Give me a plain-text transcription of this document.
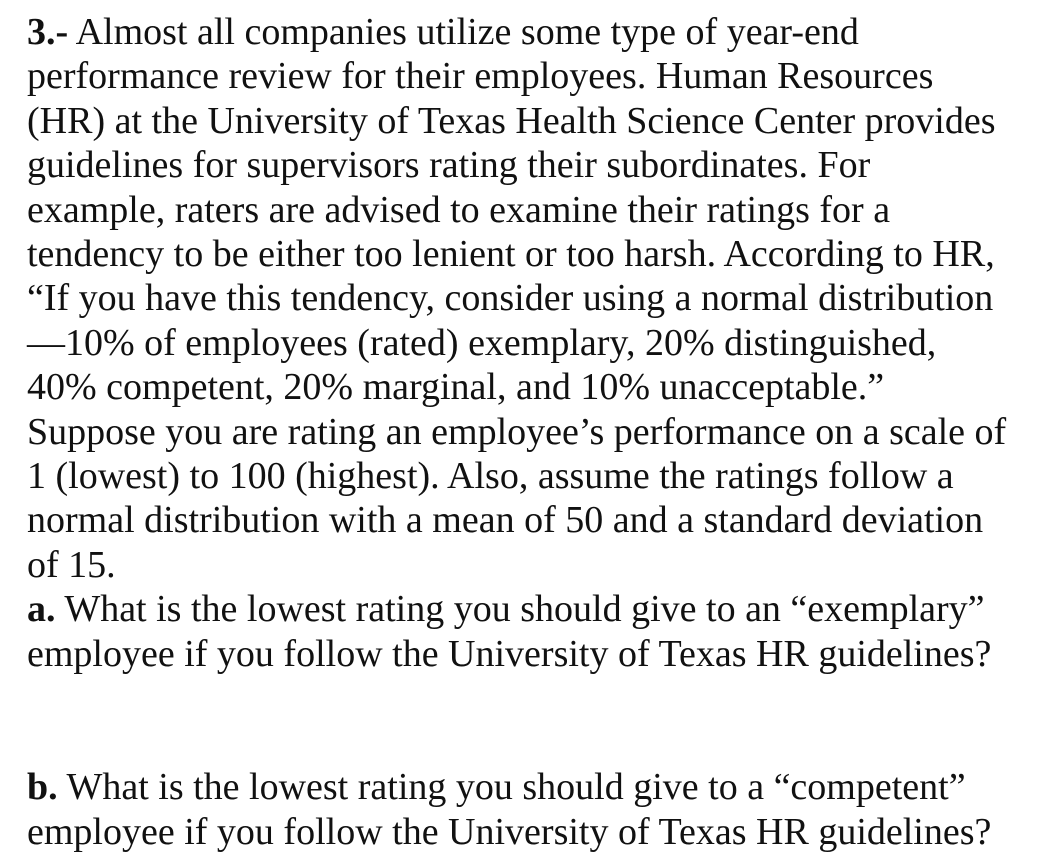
3.- Almost all companies utilize some type of year-end

performance review for their employees. Human Resources

(HR) at the University of Texas Health Science Center provides

guidelines for supervisors rating their subordinates. For

example, raters are advised to examine their ratings for a

tendency to be either too lenient or too harsh. According to HR,

“If you have this tendency, consider using a normal distribution

—10% of employees (rated) exemplary, 20% distinguished,

40% competent, 20% marginal, and 10% unacceptable.”

Suppose you are rating an employee’s performance on a scale of

1 (lowest) to 100 (highest). Also, assume the ratings follow a

normal distribution with a mean of 50 and a standard deviation

of 15.

a. What is the lowest rating you should give to an “exemplary”

employee if you follow the University of Texas HR guidelines?

b. What is the lowest rating you should give to a “competent”

employee if you follow the University of Texas HR guidelines?
